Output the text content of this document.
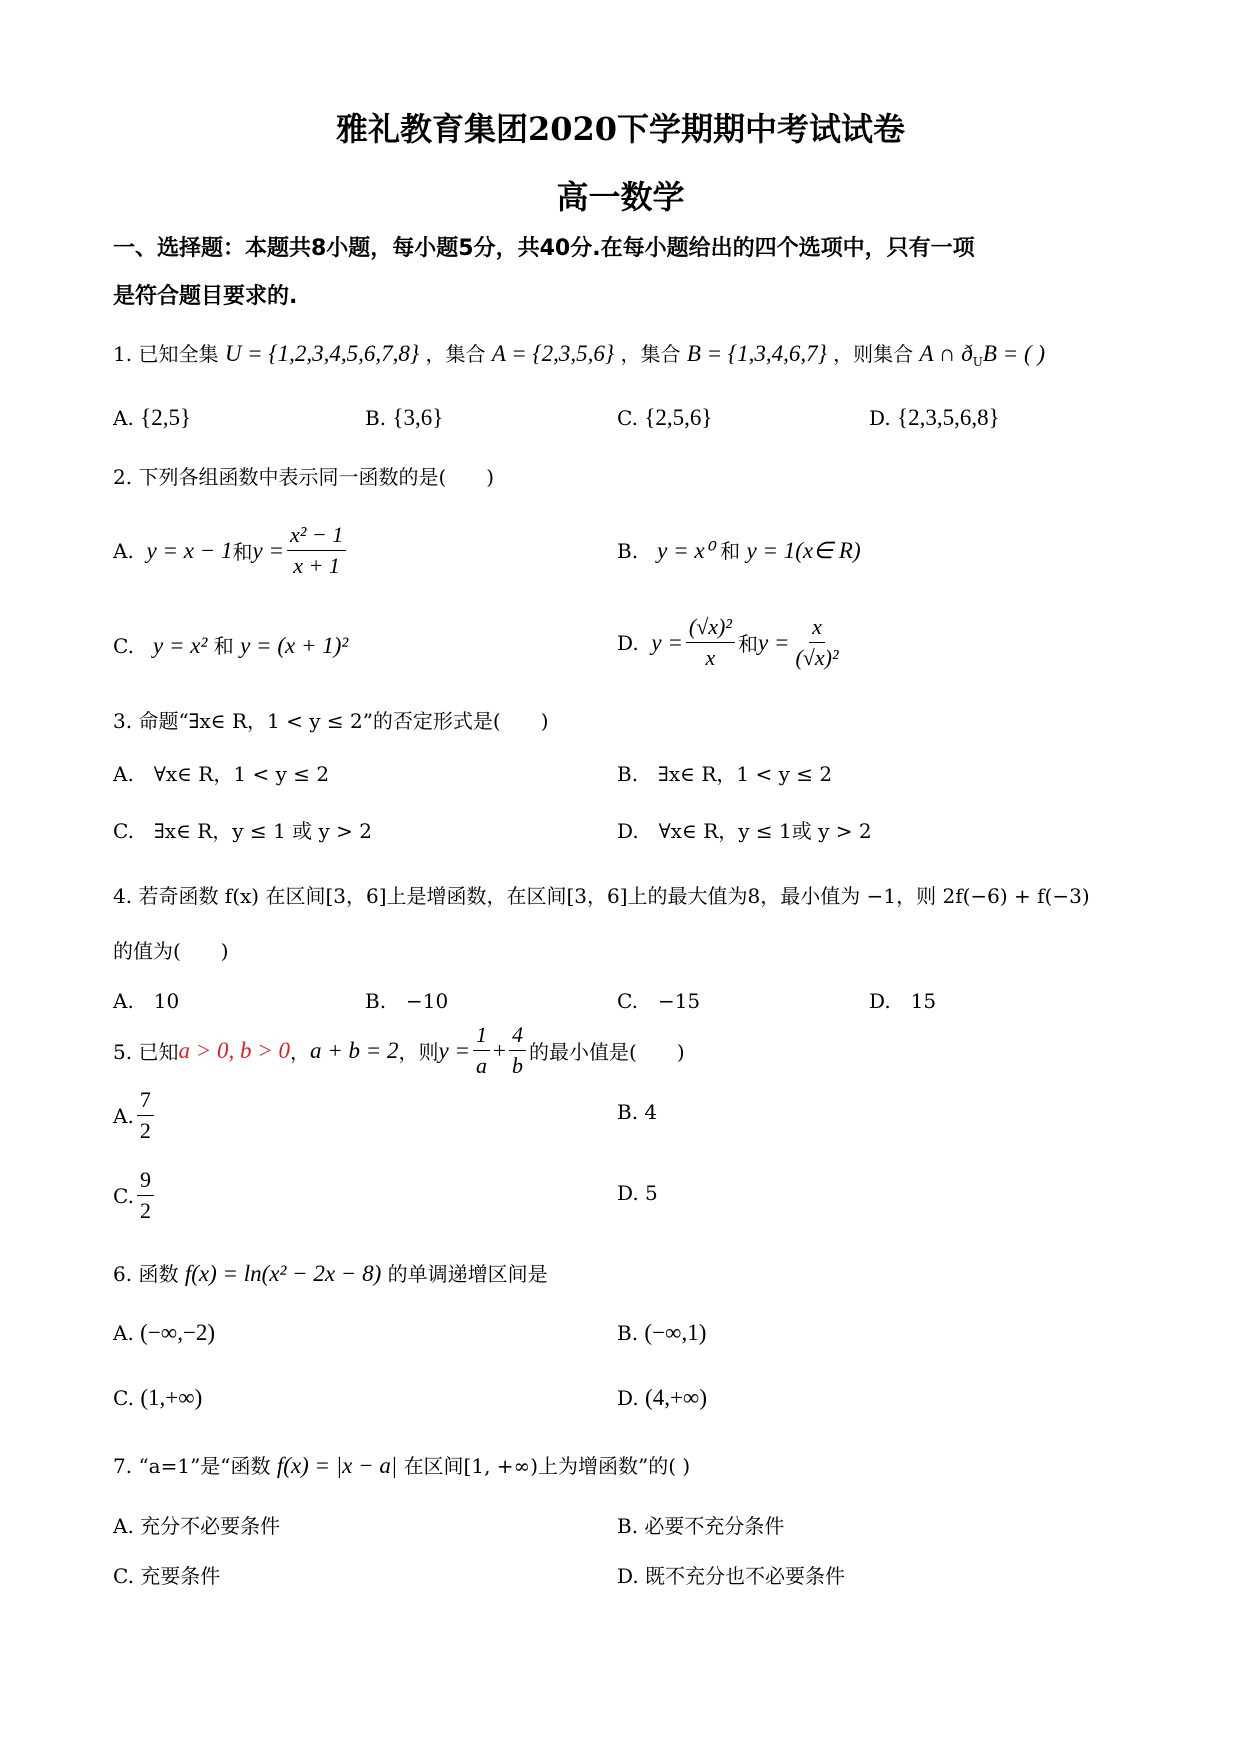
雅礼教育集团2020下学期期中考试试卷
高一数学
一、选择题：本题共8小题，每小题5分，共40分.在每小题给出的四个选项中，只有一项
是符合题目要求的.
1. 已知全集 U = {1,2,3,4,5,6,7,8} ，集合 A = {2,3,5,6} ，集合 B = {1,3,4,6,7} ，则集合 A ∩ $ð_UB$ = ( )
A. {2,5}	B. {3,6}	C. {2,5,6}	D. {2,3,5,6,8}
2. 下列各组函数中表示同一函数的是(　　)
A.
y = x − 1 和 $y = \frac{\text{x² − 1}}{x + 1}$	B. y = x⁰ 和 y = 1(x∈ R)
C. y = x² 和 y = (x + 1)²	D.
$y = \frac{\text{(√x)²}}{x}$ 和 $y = \frac{x}{\text{(√x)²}}$
3. 命题“∃x∈ R，1 < y ≤ 2”的否定形式是(　　)
A.　∀x∈ R，1 < y ≤ 2	B.　∃x∈ R，1 < y ≤ 2
C.　∃x∈ R，y ≤ 1 或 y > 2	D.　∀x∈ R，y ≤ 1或 y > 2
4. 若奇函数 f(x) 在区间[3，6]上是增函数，在区间[3，6]上的最大值为8，最小值为 −1，则 2f(−6) + f(−3)
的值为(　　)
A.　10	B.　−10	C.　−15	D.　15
5. 已知 a > 0, b > 0 ， a + b = 2 ，则 $y = \frac{1}{a} + \frac{4}{b}$ 的最小值是(　　)
A. $\frac{7}{2}$	B. 4
C. $\frac{9}{2}$	D. 5
6. 函数 f(x) = ln(x² − 2x − 8) 的单调递增区间是
A. (−∞,−2)	B. (−∞,1)
C. (1,+∞)	D. (4,+∞)
7. “a=1”是“函数 f(x) = |x − a| 在区间[1, +∞)上为增函数”的( )
A. 充分不必要条件	B. 必要不充分条件
C. 充要条件	D. 既不充分也不必要条件
